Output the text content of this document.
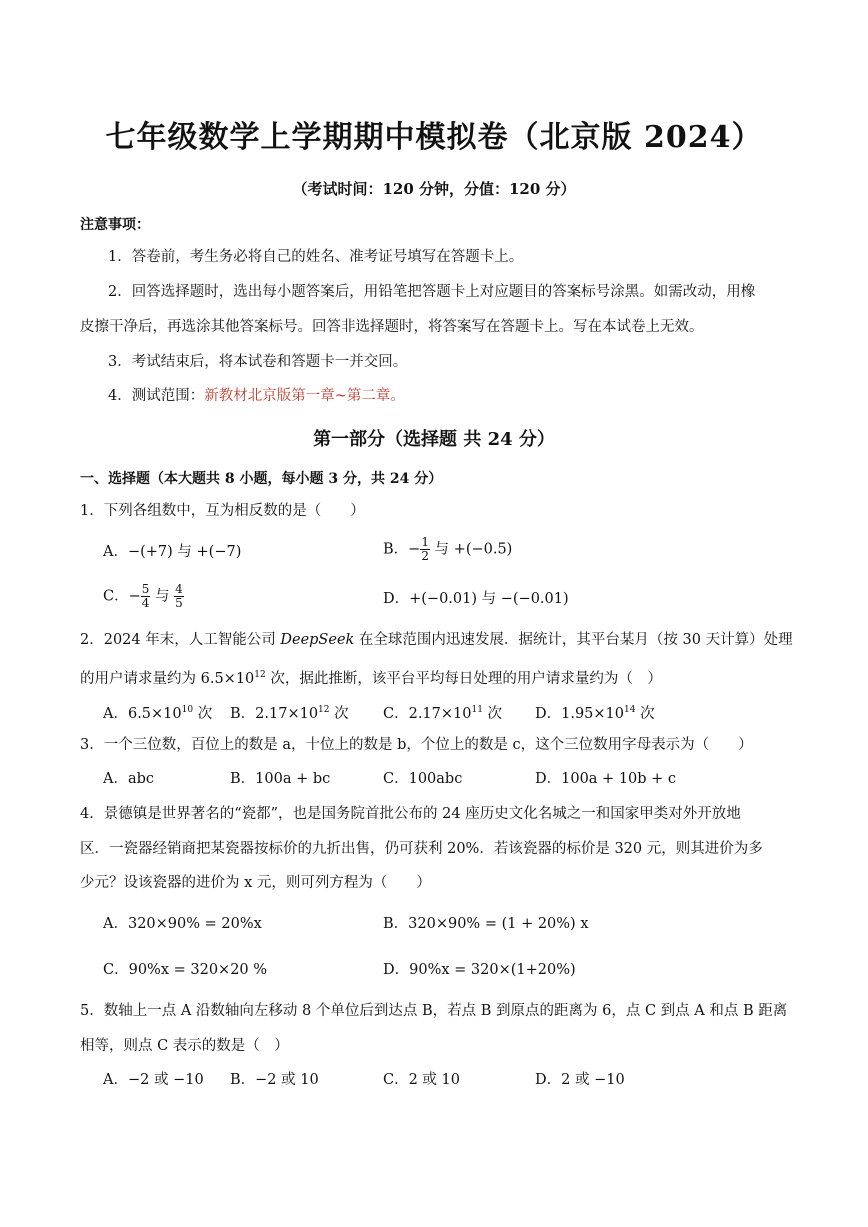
七年级数学上学期期中模拟卷（北京版 2024）
（考试时间：120 分钟，分值：120 分）
注意事项：
1．答卷前，考生务必将自己的姓名、准考证号填写在答题卡上。
2．回答选择题时，选出每小题答案后，用铅笔把答题卡上对应题目的答案标号涂黑。如需改动，用橡
皮擦干净后，再选涂其他答案标号。回答非选择题时，将答案写在答题卡上。写在本试卷上无效。
3．考试结束后，将本试卷和答题卡一并交回。
4．测试范围：新教材北京版第一章~第二章。
第一部分（选择题 共 24 分）
一、选择题（本大题共 8 小题，每小题 3 分，共 24 分）
1．下列各组数中，互为相反数的是（　　）
A．−(+7) 与 +(−7)	B．− $\frac{1}{2}$ 与 +(−0.5)
C．− $\frac{5}{4}$ 与 $\frac{4}{5}$	D．+(−0.01) 与 −(−0.01)
2．2024 年末，人工智能公司 DeepSeek 在全球范围内迅速发展．据统计，其平台某月（按 30 天计算）处理
的用户请求量约为 $6.5\times 10^{12}$ 次，据此推断，该平台平均每日处理的用户请求量约为（　）
A．$6.5\times 10^{10}$ 次 B．$2.17\times 10^{12}$ 次 C．$2.17\times 10^{11}$ 次 D．$1.95\times 10^{14}$ 次
3．一个三位数，百位上的数是 a，十位上的数是 b，个位上的数是 c，这个三位数用字母表示为（　　）
A．abc	B．100a + bc	C．100abc	D．100a + 10b + c
4．景德镇是世界著名的“瓷都”，也是国务院首批公布的 24 座历史文化名城之一和国家甲类对外开放地
区．一瓷器经销商把某瓷器按标价的九折出售，仍可获利 20%．若该瓷器的标价是 320 元，则其进价为多
少元？设该瓷器的进价为 x 元，则可列方程为（　　）
A．320×90% = 20%x	B．320×90% = (1 + 20%) x
C．90%x = 320×20 %	D．90%x = 320×(1+20%)
5．数轴上一点 A 沿数轴向左移动 8 个单位后到达点 B，若点 B 到原点的距离为 6，点 C 到点 A 和点 B 距离
相等，则点 C 表示的数是（　）
A．−2 或 −10 B．−2 或 10	C．2 或 10	D．2 或 −10
